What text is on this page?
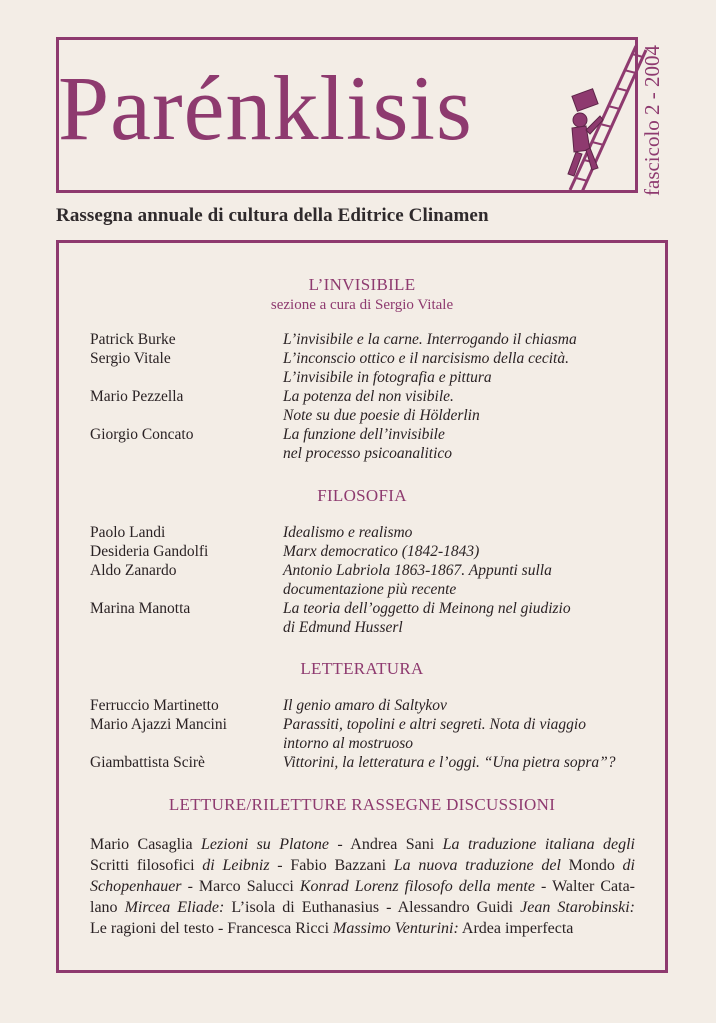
Parénklisis	fascicolo 2 - 2004
Rassegna annuale di cultura della Editrice Clinamen
L’INVISIBILE
sezione a cura di Sergio Vitale
Patrick Burke	L’invisibile e la carne. Interrogando il chiasma
Sergio Vitale	L’inconscio ottico e il narcisismo della cecità.
L’invisibile in fotografia e pittura
Mario Pezzella	La potenza del non visibile.
Note su due poesie di Hölderlin
Giorgio Concato	La funzione dell’invisibile
nel processo psicoanalitico
FILOSOFIA
Paolo Landi	Idealismo e realismo
Desideria Gandolfi	Marx democratico (1842-1843)
Aldo Zanardo	Antonio Labriola 1863-1867. Appunti sulla
documentazione più recente
Marina Manotta	La teoria dell’oggetto di Meinong nel giudizio
di Edmund Husserl
LETTERATURA
Ferruccio Martinetto	Il genio amaro di Saltykov
Mario Ajazzi Mancini	Parassiti, topolini e altri segreti. Nota di viaggio
intorno al mostruoso
Giambattista Scirè	Vittorini, la letteratura e l’oggi. “Una pietra sopra”?
LETTURE/RILETTURE RASSEGNE DISCUSSIONI
Mario Casaglia Lezioni su Platone - Andrea Sani La traduzione italiana degli
Scritti filosofici di Leibniz - Fabio Bazzani La nuova traduzione del Mondo di
Schopenhauer - Marco Salucci Konrad Lorenz filosofo della mente - Walter Cata-
lano Mircea Eliade: L’isola di Euthanasius - Alessandro Guidi Jean Starobinski:
Le ragioni del testo - Francesca Ricci Massimo Venturini: Ardea imperfecta
